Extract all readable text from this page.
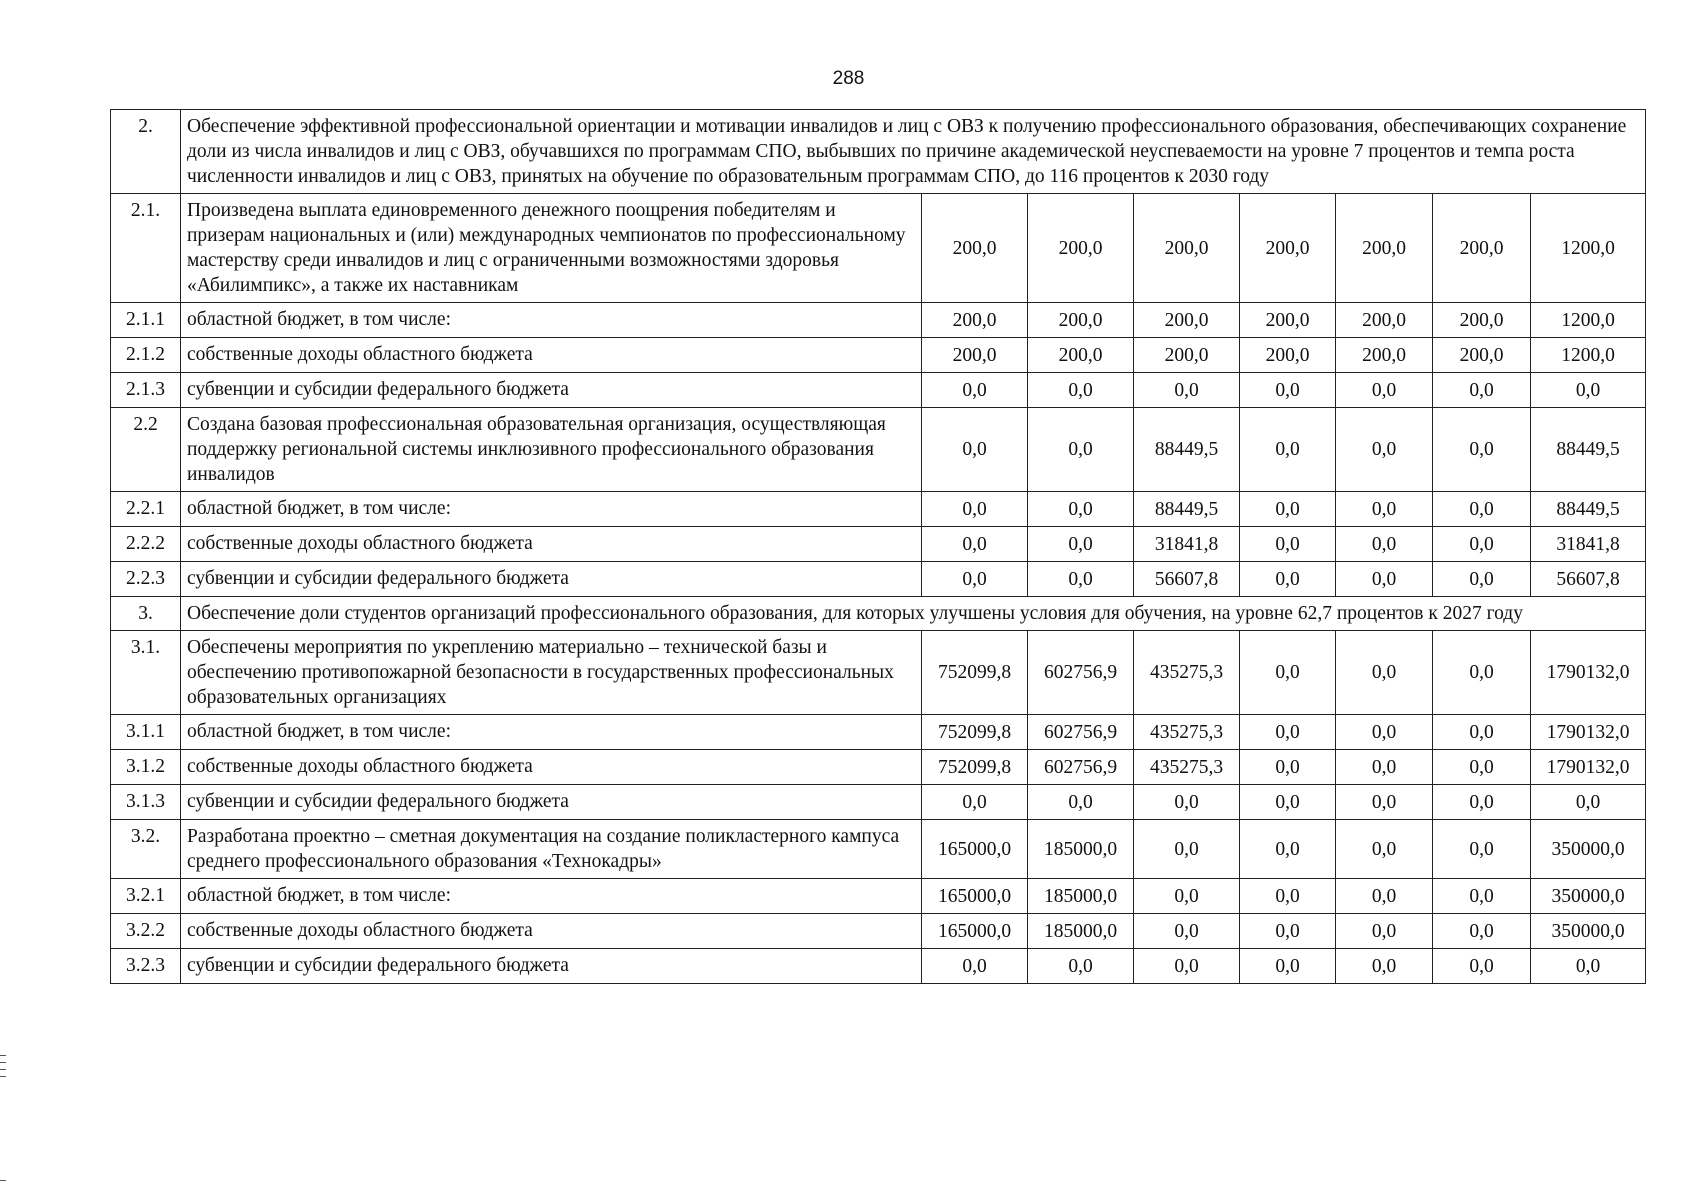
288
2.	Обеспечение эффективной профессиональной ориентации и мотивации инвалидов и лиц с ОВЗ к получению профессионального образования, обеспечивающих сохранение доли из числа инвалидов и лиц с ОВЗ, обучавшихся по программам СПО, выбывших по причине академической неуспеваемости на уровне 7 процентов и темпа роста численности инвалидов и лиц с ОВЗ, принятых на обучение по образовательным программам СПО, до 116 процентов к 2030 году							
2.1.	Произведена выплата единовременного денежного поощрения победителям и призерам национальных и (или) международных чемпионатов по профессиональному мастерству среди инвалидов и лиц с ограниченными возможностями здоровья «Абилимпикс», а также их наставникам	200,0	200,0	200,0	200,0	200,0	200,0	1200,0
2.1.1	областной бюджет, в том числе:	200,0	200,0	200,0	200,0	200,0	200,0	1200,0
2.1.2	собственные доходы областного бюджета	200,0	200,0	200,0	200,0	200,0	200,0	1200,0
2.1.3	субвенции и субсидии федерального бюджета	0,0	0,0	0,0	0,0	0,0	0,0	0,0
2.2	Создана базовая профессиональная образовательная организация, осуществляющая поддержку региональной системы инклюзивного профессионального образования инвалидов	0,0	0,0	88449,5	0,0	0,0	0,0	88449,5
2.2.1	областной бюджет, в том числе:	0,0	0,0	88449,5	0,0	0,0	0,0	88449,5
2.2.2	собственные доходы областного бюджета	0,0	0,0	31841,8	0,0	0,0	0,0	31841,8
2.2.3	субвенции и субсидии федерального бюджета	0,0	0,0	56607,8	0,0	0,0	0,0	56607,8
3.	Обеспечение доли студентов организаций профессионального образования, для которых улучшены условия для обучения, на уровне 62,7 процентов к 2027 году							
3.1.	Обеспечены мероприятия по укреплению материально – технической базы и обеспечению противопожарной безопасности в государственных профессиональных образовательных организациях	752099,8	602756,9	435275,3	0,0	0,0	0,0	1790132,0
3.1.1	областной бюджет, в том числе:	752099,8	602756,9	435275,3	0,0	0,0	0,0	1790132,0
3.1.2	собственные доходы областного бюджета	752099,8	602756,9	435275,3	0,0	0,0	0,0	1790132,0
3.1.3	субвенции и субсидии федерального бюджета	0,0	0,0	0,0	0,0	0,0	0,0	0,0
3.2.	Разработана проектно – сметная документация на создание поликластерного кампуса среднего профессионального образования «Технокадры»	165000,0	185000,0	0,0	0,0	0,0	0,0	350000,0
3.2.1	областной бюджет, в том числе:	165000,0	185000,0	0,0	0,0	0,0	0,0	350000,0
3.2.2	собственные доходы областного бюджета	165000,0	185000,0	0,0	0,0	0,0	0,0	350000,0
3.2.3	субвенции и субсидии федерального бюджета	0,0	0,0	0,0	0,0	0,0	0,0	0,0
